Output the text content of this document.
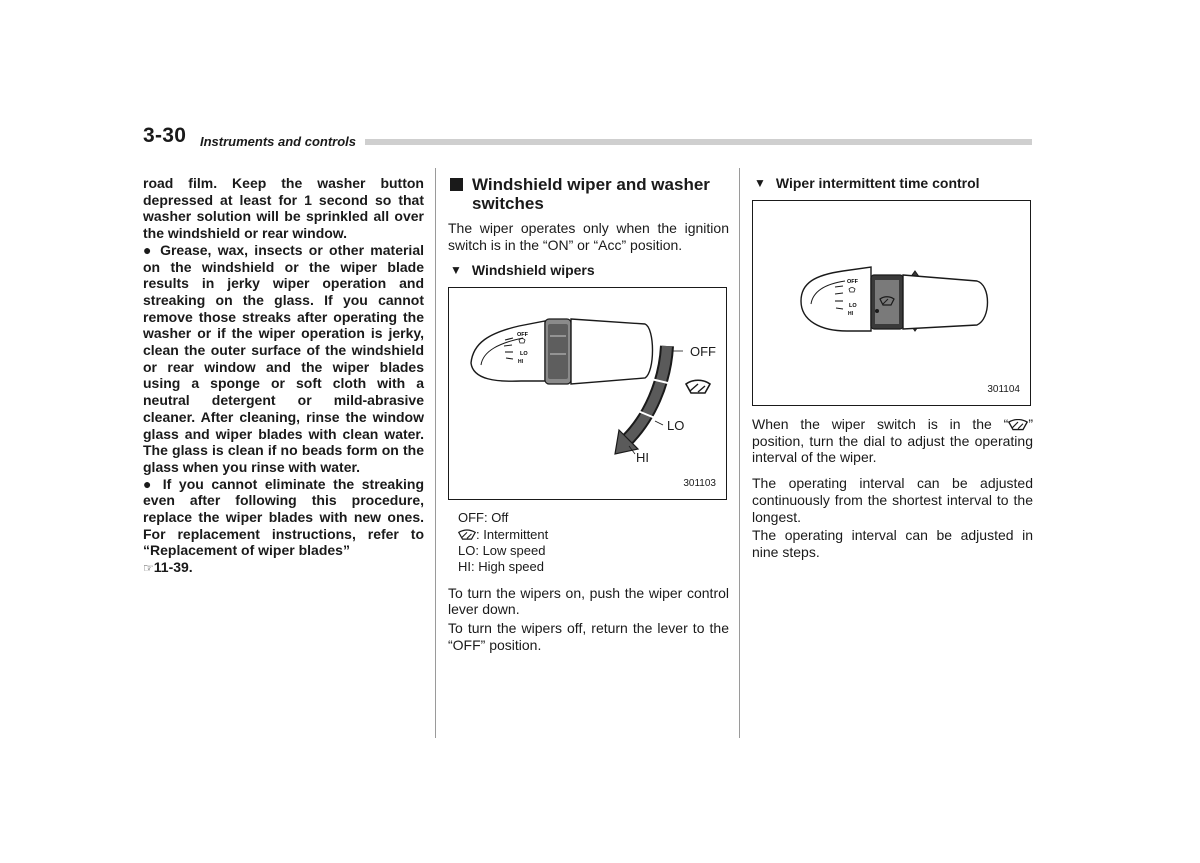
3-30 Instruments and controls

road film. Keep the washer button depressed at least for 1 second so that washer solution will be sprinkled all over the windshield or rear window.

● Grease, wax, insects or other material on the windshield or the wiper blade results in jerky wiper operation and streaking on the glass. If you cannot remove those streaks after operating the washer or if the wiper operation is jerky, clean the outer surface of the windshield or rear window and the wiper blades using a sponge or soft cloth with a neutral detergent or mild-abrasive cleaner. After cleaning, rinse the window glass and wiper blades with clean water. The glass is clean if no beads form on the glass when you rinse with water.

● If you cannot eliminate the streaking even after following this procedure, replace the wiper blades with new ones. For replacement instructions, refer to “Replacement of wiper blades”
☞11-39.

Windshield wiper and washer switches

The wiper operates only when the ignition switch is in the “ON” or “Acc” position.

▼ Windshield wipers
OFF
LO
HI
OFF
LO
HI
301103
OFF: Off
: Intermittent
LO: Low speed
HI: High speed

To turn the wipers on, push the wiper control lever down.

To turn the wipers off, return the lever to the “OFF” position.

▼ Wiper intermittent time control
OFF
LO
HI
301104

When the wiper switch is in the “ ” position, turn the dial to adjust the operating interval of the wiper.

The operating interval can be adjusted continuously from the shortest interval to the longest.

The operating interval can be adjusted in nine steps.
